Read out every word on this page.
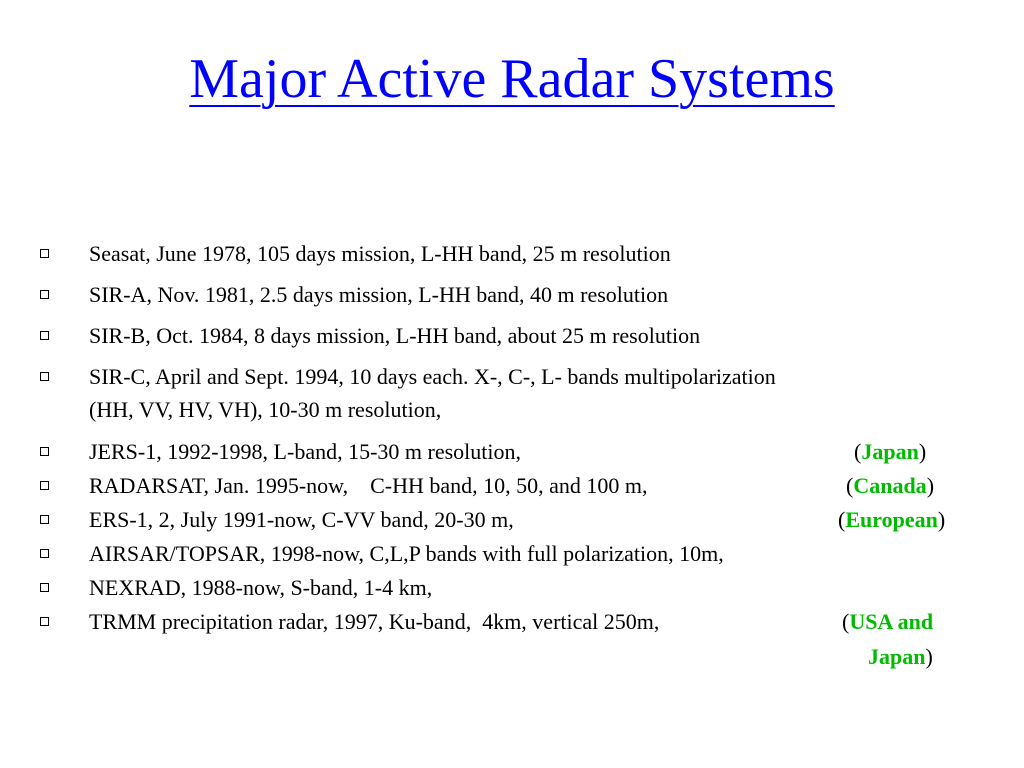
Major Active Radar Systems
Seasat, June 1978, 105 days mission, L-HH band, 25 m resolution
SIR-A, Nov. 1981, 2.5 days mission, L-HH band, 40 m resolution
SIR-B, Oct. 1984, 8 days mission, L-HH band, about 25 m resolution
SIR-C, April and Sept. 1994, 10 days each. X-, C-, L- bands multipolarization
(HH, VV, HV, VH), 10-30 m resolution,
JERS-1, 1992-1998, L-band, 15-30 m resolution,	(Japan)
RADARSAT, Jan. 1995-now,    C-HH band, 10, 50, and 100 m,	(Canada)
ERS-1, 2, July 1991-now, C-VV band, 20-30 m,	(European)
AIRSAR/TOPSAR, 1998-now, C,L,P bands with full polarization, 10m,
NEXRAD, 1988-now, S-band, 1-4 km,
TRMM precipitation radar, 1997, Ku-band,  4km, vertical 250m,	(USA and
Japan)
